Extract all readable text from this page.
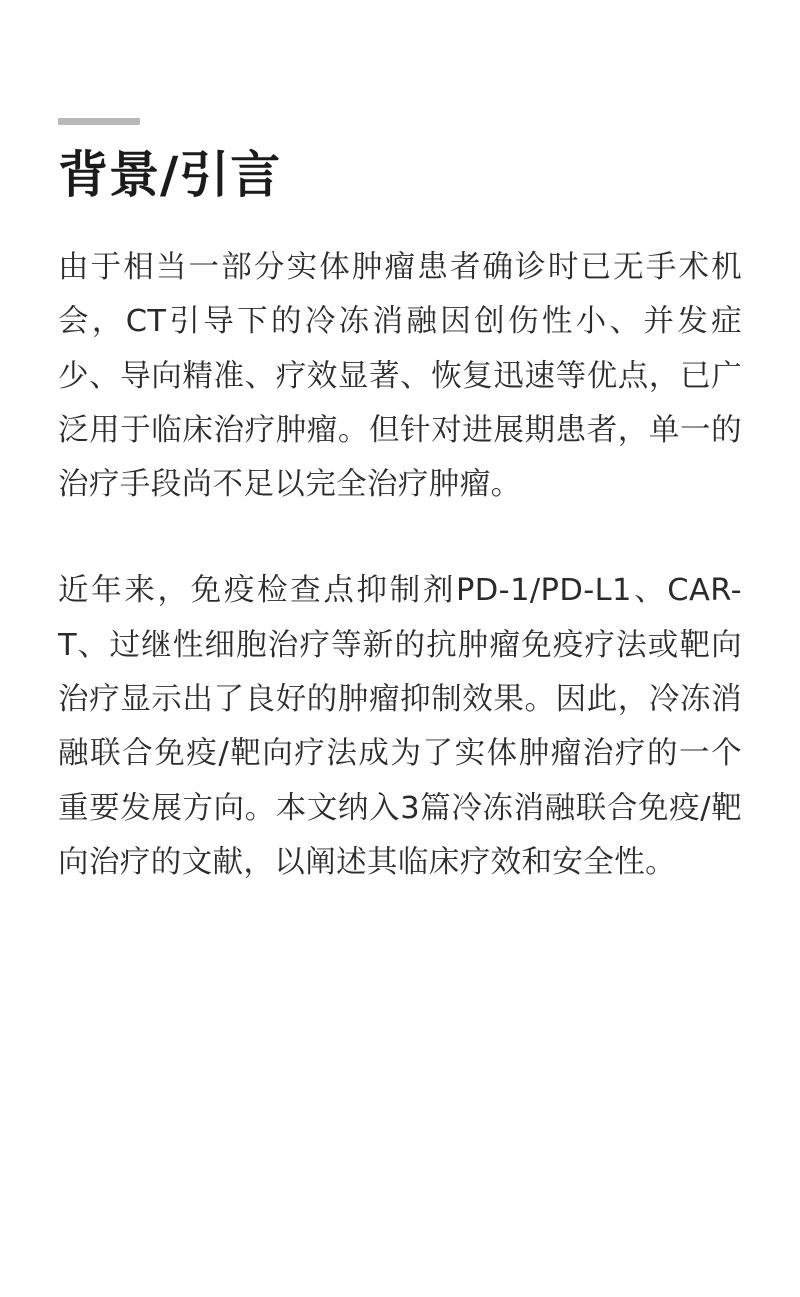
背景/引言

由于相当一部分实体肿瘤患者确诊时已无手术机会，CT引导下的冷冻消融因创伤性小、并发症少、导向精准、疗效显著、恢复迅速等优点，已广泛用于临床治疗肿瘤。但针对进展期患者，单一的治疗手段尚不足以完全治疗肿瘤。

近年来，免疫检查点抑制剂PD-1/PD-L1、CAR-T、过继性细胞治疗等新的抗肿瘤免疫疗法或靶向治疗显示出了良好的肿瘤抑制效果。因此，冷冻消融联合免疫/靶向疗法成为了实体肿瘤治疗的一个重要发展方向。本文纳入3篇冷冻消融联合免疫/靶向治疗的文献，以阐述其临床疗效和安全性。
